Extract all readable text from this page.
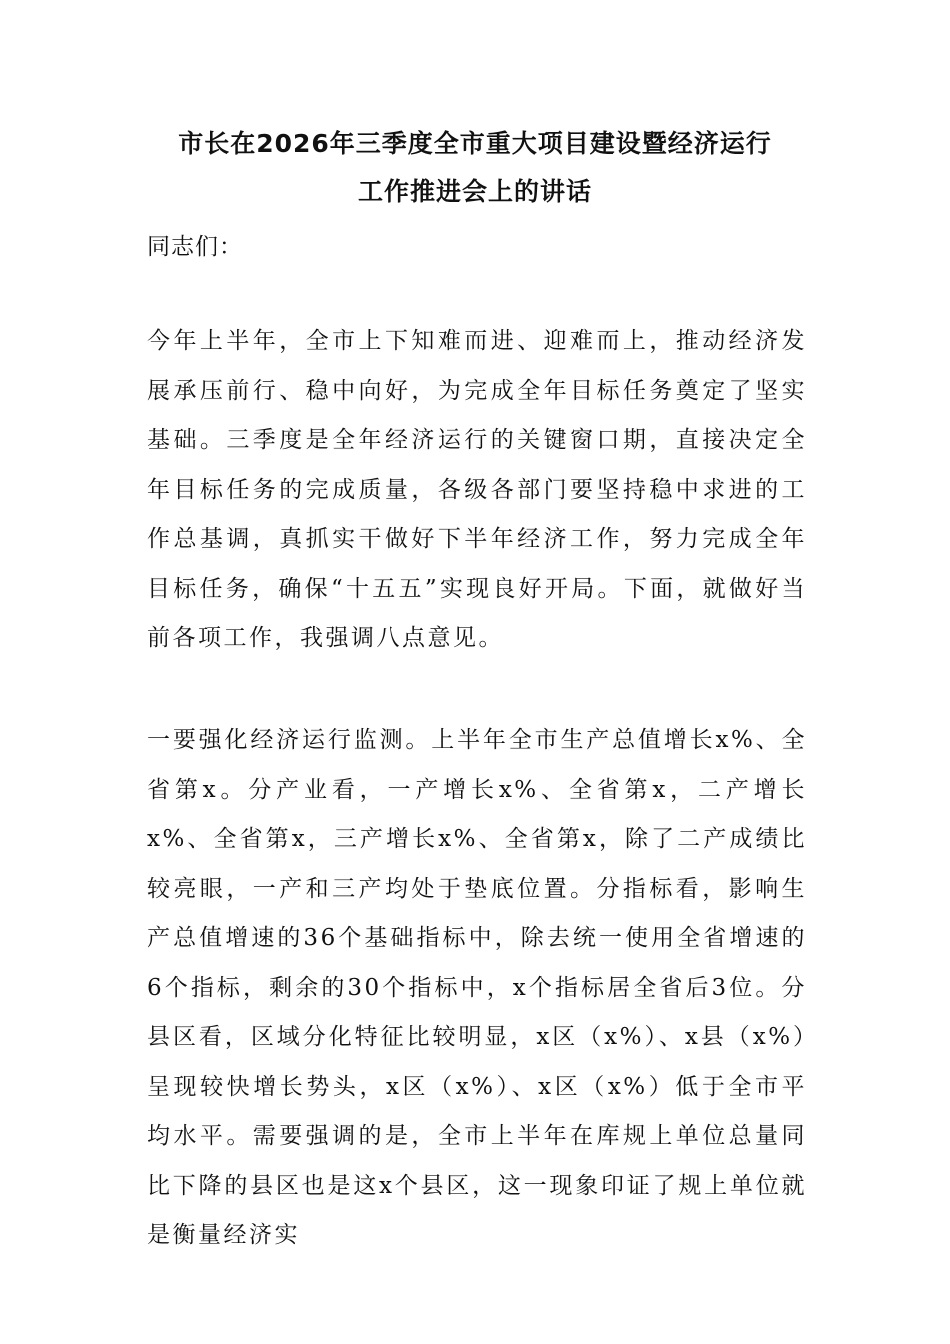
市长在2026年三季度全市重大项目建设暨经济运行
工作推进会上的讲话
同志们：

今年上半年，全市上下知难而进、迎难而上，推动经济发展承压前行、稳中向好，为完成全年目标任务奠定了坚实基础。三季度是全年经济运行的关键窗口期，直接决定全年目标任务的完成质量，各级各部门要坚持稳中求进的工作总基调，真抓实干做好下半年经济工作，努力完成全年目标任务，确保“十五五”实现良好开局。下面，就做好当前各项工作，我强调八点意见。

一要强化经济运行监测。上半年全市生产总值增长x%、全省第x。分产业看，一产增长x%、全省第x，二产增长x%、全省第x，三产增长x%、全省第x，除了二产成绩比较亮眼，一产和三产均处于垫底位置。分指标看，影响生产总值增速的36个基础指标中，除去统一使用全省增速的6个指标，剩余的30个指标中，x个指标居全省后3位。分县区看，区域分化特征比较明显，x区（x%）、x县（x%）呈现较快增长势头，x区（x%）、x区（x%）低于全市平均水平。需要强调的是，全市上半年在库规上单位总量同比下降的县区也是这x个县区，这一现象印证了规上单位就是衡量经济实
